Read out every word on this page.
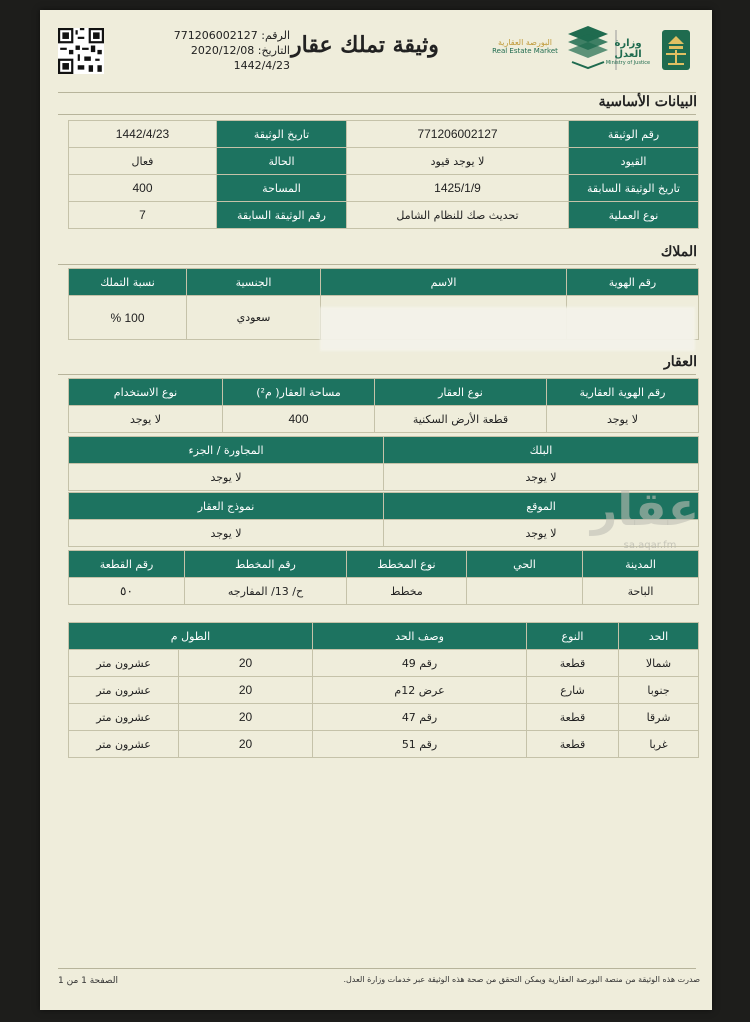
الرقم: 771206002127
التاريخ: 2020/12/08
1442/4/23
وثيقة تملك عقار	البورصة العقارية
Real Estate Market
وزارة العدل
Ministry of Justice
البيانات الأساسية
رقم الوثيقة	771206002127	تاريخ الوثيقة	1442/4/23
القيود	لا يوجد قيود	الحالة	فعال
تاريخ الوثيقة السابقة	1425/1/9	المساحة	400
نوع العملية	تحديث صك للنظام الشامل	رقم الوثيقة السابقة	7
الملاك
رقم الهوية	الاسم	الجنسية	نسبة التملك
		سعودي	100 %
العقار
رقم الهوية العقارية	نوع العقار	مساحة العقار( م²)	نوع الاستخدام
لا يوجد	قطعة الأرض السكنية	400	لا يوجد
البلك	المجاورة / الجزء
لا يوجد	لا يوجد
الموقع	نموذج العقار
لا يوجد	لا يوجد
المدينة	الحي	نوع المخطط	رقم المخطط	رقم القطعة
الباحة		مخطط	ح/ 13/ المفارجه	٥٠
عقار
sa.aqar.fm
الحد	النوع	وصف الحد	الطول م	
شمالا	قطعة	رقم 49	20	عشرون متر
جنوبا	شارع	عرض 12م	20	عشرون متر
شرقا	قطعة	رقم 47	20	عشرون متر
غربا	قطعة	رقم 51	20	عشرون متر
صدرت هذه الوثيقة من منصة البورصة العقارية ويمكن التحقق من صحة هذه الوثيقة عبر خدمات وزارة العدل.
الصفحة 1 من 1
